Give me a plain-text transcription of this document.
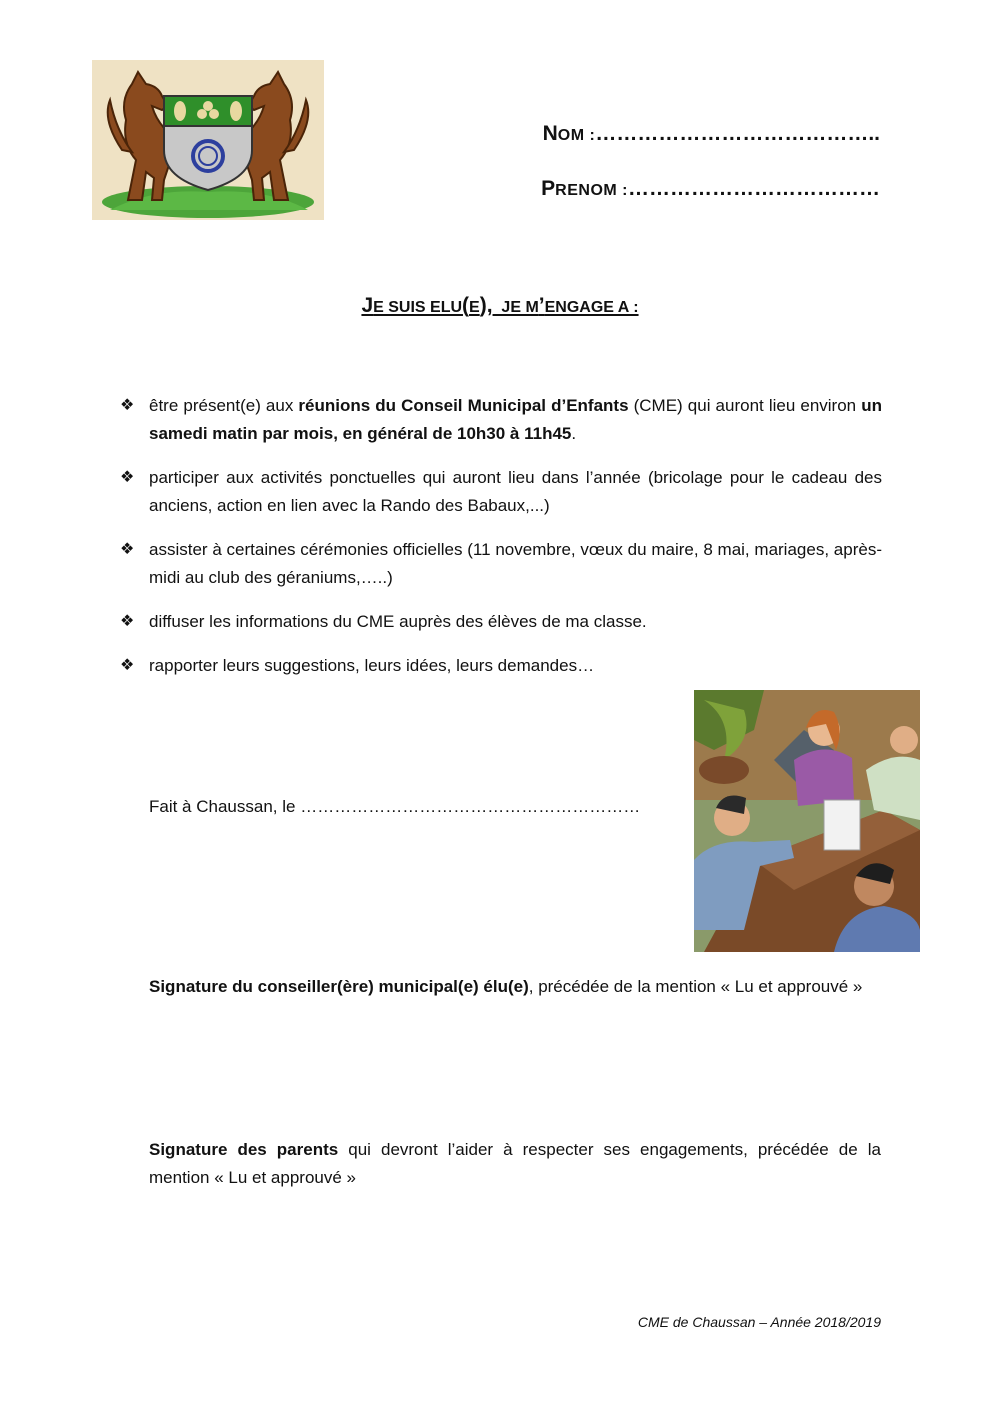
NOM :…………………………………..
PRENOM :………………………………
JE SUIS ELU(E),  JE M’ENGAGE A :
❖ être présent(e) aux réunions du Conseil Municipal d’Enfants (CME) qui auront lieu environ un samedi matin par mois, en général de 10h30 à 11h45.
❖ participer aux activités ponctuelles qui auront lieu dans l’année (bricolage pour le cadeau des anciens, action en lien avec la Rando des Babaux,...)
❖ assister à certaines cérémonies officielles (11 novembre, vœux du maire, 8 mai, mariages, après-midi au club des géraniums,…..)
❖ diffuser les informations du CME auprès des élèves de ma classe.
❖ rapporter leurs suggestions, leurs idées, leurs demandes…
Fait à Chaussan, le ……………………………………………………
Signature du conseiller(ère) municipal(e) élu(e), précédée de la mention « Lu et approuvé »
Signature des parents qui devront l’aider à respecter ses engagements, précédée de la mention « Lu et approuvé »
CME de Chaussan – Année 2018/2019
